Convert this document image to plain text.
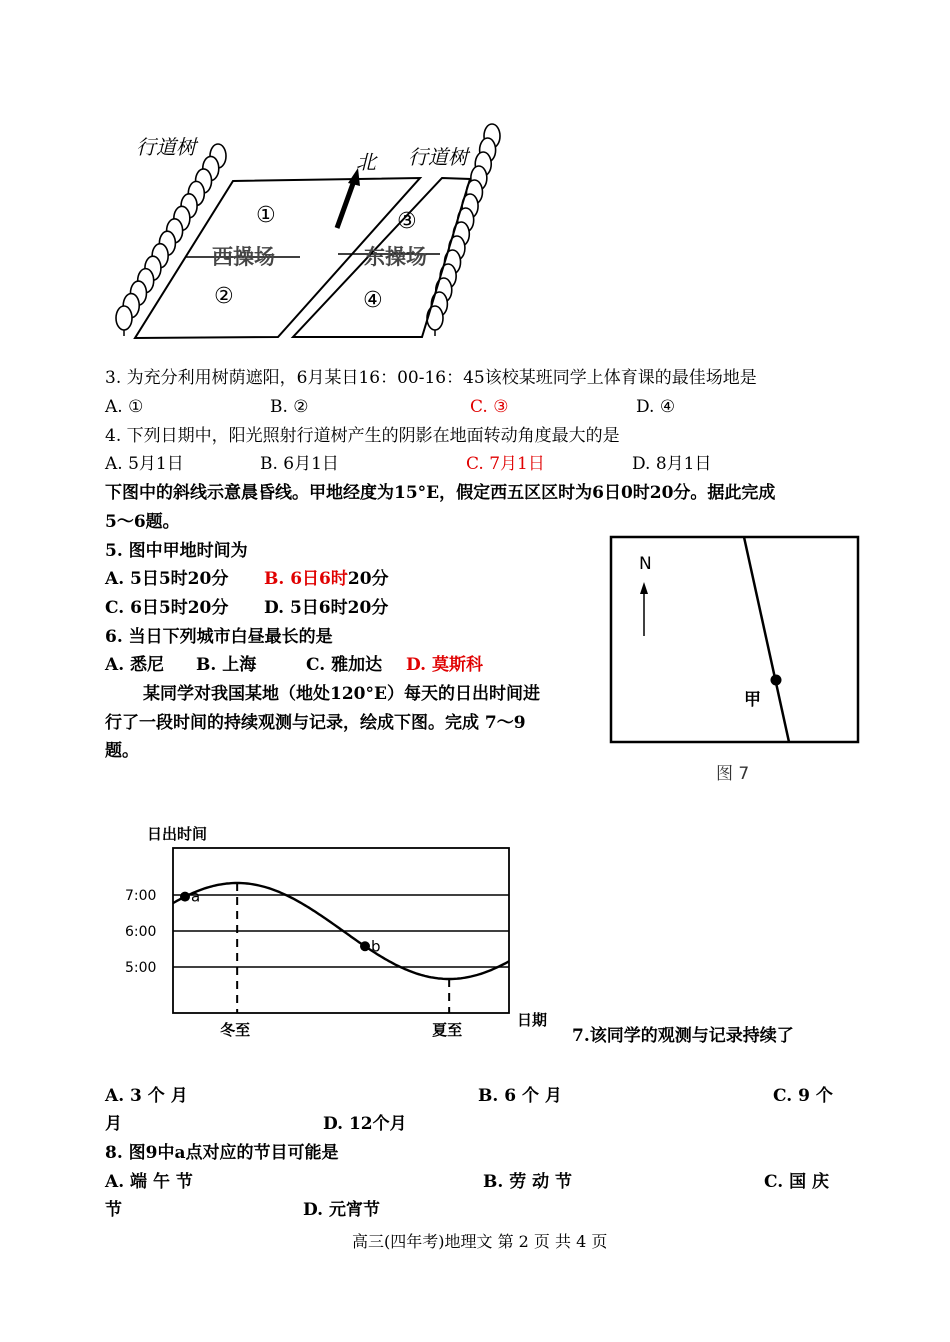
行道树	行道树
北
西操场	东操场
①
②
③
④
3. 为充分利用树荫遮阳，6月某日16：00-16：45该校某班同学上体育课的最佳场地是
A. ①	B. ②	C. ③	D. ④
4. 下列日期中，阳光照射行道树产生的阴影在地面转动角度最大的是
A. 5月1日	B. 6月1日	C. 7月1日	D. 8月1日
下图中的斜线示意晨昏线。甲地经度为15°E，假定西五区区时为6日0时20分。据此完成
5～6题。
5. 图中甲地时间为
A. 5日5时20分 B. 6日6时20分
C. 6日5时20分 D. 5日6时20分
6. 当日下列城市白昼最长的是
A. 悉尼 B. 上海	C. 雅加达 D. 莫斯科
N
甲
图 7
某同学对我国某地（地处120°E）每天的日出时间进
行了一段时间的持续观测与记录，绘成下图。完成 7～9
题。
日出时间
日期
7:00
6:00
5:00
冬至	夏至
a
b
7.该同学的观测与记录持续了
A. 3 个 月	B. 6 个 月	C. 9 个
月	D. 12个月
8. 图9中a点对应的节目可能是
A. 端 午 节	B. 劳 动 节	C. 国 庆
节	D. 元宵节
高三(四年考)地理文 第 2 页 共 4 页
